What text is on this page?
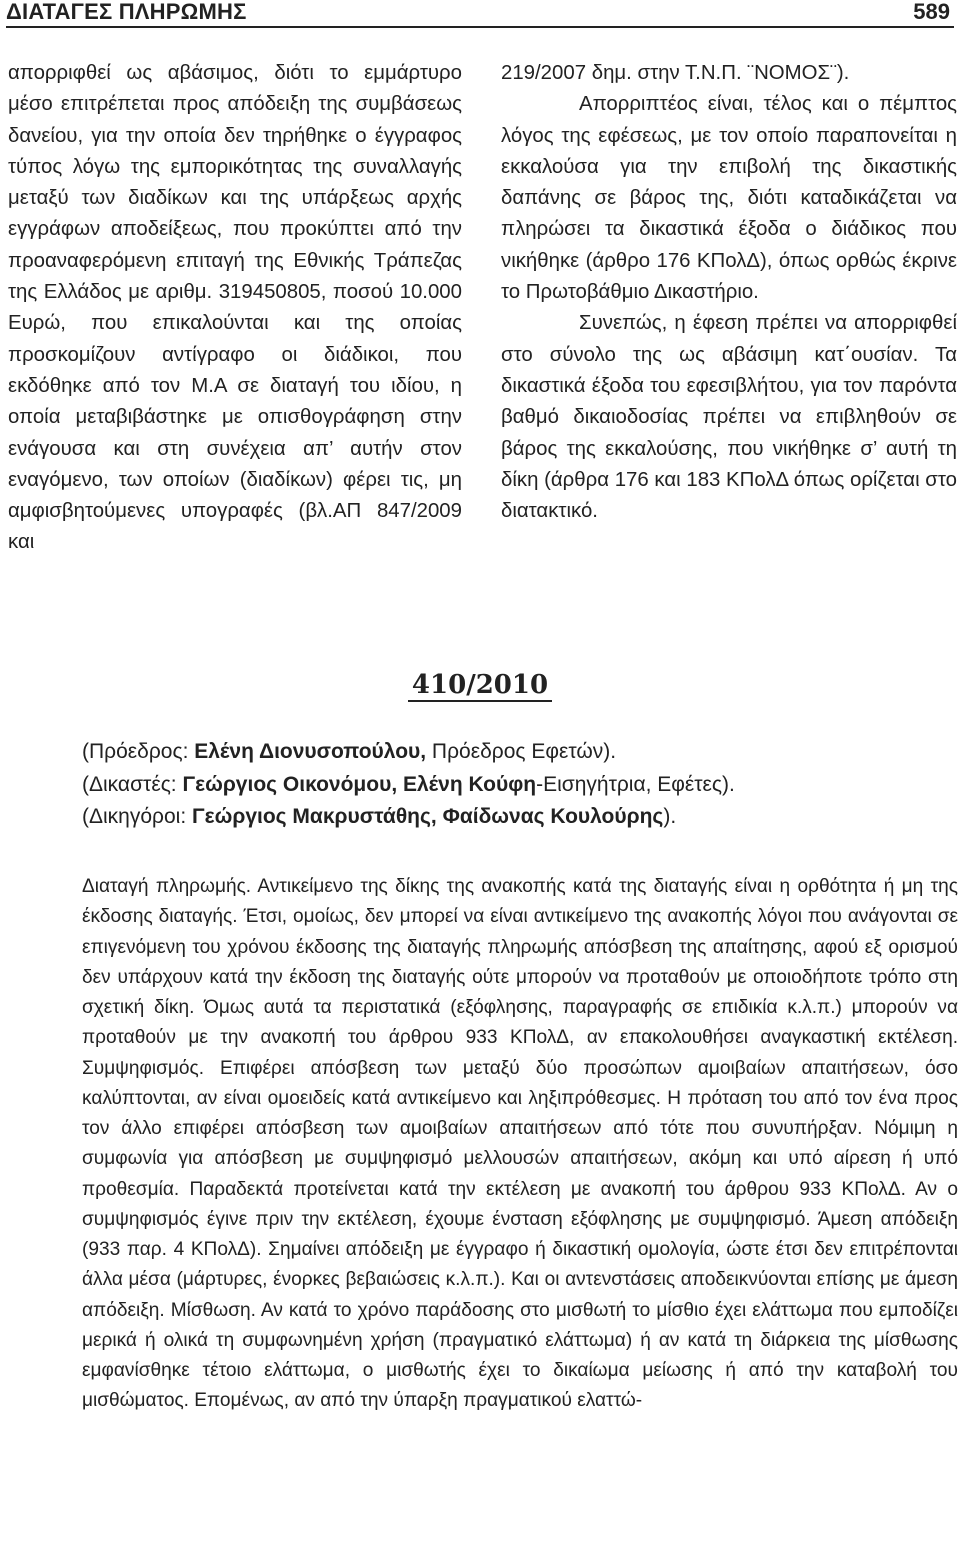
ΔΙΑΤΑΓΕΣ ΠΛΗΡΩΜΗΣ	589

απορριφθεί ως αβάσιμος, διότι το εμμάρτυρο μέσο επιτρέπεται προς απόδειξη της συμβάσεως δανείου, για την οποία δεν τηρήθηκε ο έγγραφος τύπος λόγω της εμπορικότητας της συναλλαγής μεταξύ των διαδίκων και της υπάρξεως αρχής εγγράφων αποδείξεως, που προκύπτει από την προαναφερόμενη επιταγή της Εθνικής Τράπεζας της Ελλάδος με αριθμ. 319450805, ποσού 10.000 Ευρώ, που επικαλούνται και της οποίας προσκομίζουν αντίγραφο οι διάδικοι, που εκδόθηκε από τον Μ.Α σε διαταγή του ιδίου, η οποία μεταβιβάστηκε με οπισθογράφηση στην ενάγουσα και στη συνέχεια απ’ αυτήν στον εναγόμενο, των οποίων (διαδίκων) φέρει τις, μη αμφισβητούμενες υπογραφές (βλ.ΑΠ 847/2009 και

219/2007 δημ. στην Τ.Ν.Π. ¨ΝΟΜΟΣ¨).

Απορριπτέος είναι, τέλος και ο πέμπτος λόγος της εφέσεως, με τον οποίο παραπονείται η εκκαλούσα για την επιβολή της δικαστικής δαπάνης σε βάρος της, διότι καταδικάζεται να πληρώσει τα δικαστικά έξοδα ο διάδικος που νικήθηκε (άρθρο 176 ΚΠολΔ), όπως ορθώς έκρινε το Πρωτοβάθμιο Δικαστήριο.

Συνεπώς, η έφεση πρέπει να απορριφθεί στο σύνολο της ως αβάσιμη κατ΄ουσίαν. Τα δικαστικά έξοδα του εφεσιβλήτου, για τον παρόντα βαθμό δικαιοδοσίας πρέπει να επιβληθούν σε βάρος της εκκαλούσης, που νικήθηκε σ’ αυτή τη δίκη (άρθρα 176 και 183 ΚΠολΔ όπως ορίζεται στο διατακτικό.

410/2010

(Πρόεδρος: Ελένη Διονυσοπούλου, Πρόεδρος Εφετών).

(Δικαστές: Γεώργιος Οικονόμου, Ελένη Κούφη-Εισηγήτρια, Εφέτες).

(Δικηγόροι: Γεώργιος Μακρυστάθης, Φαίδωνας Κουλούρης).

Διαταγή πληρωμής. Αντικείμενο της δίκης της ανακοπής κατά της διαταγής είναι η ορθότητα ή μη της έκδοσης διαταγής. Έτσι, ομοίως, δεν μπορεί να είναι αντικείμενο της ανακοπής λόγοι που ανάγονται σε επιγενόμενη του χρόνου έκδοσης της διαταγής πληρωμής απόσβεση της απαίτησης, αφού εξ ορισμού δεν υπάρχουν κατά την έκδοση της διαταγής ούτε μπορούν να προταθούν με οποιοδήποτε τρόπο στη σχετική δίκη. Όμως αυτά τα περιστατικά (εξόφλησης, παραγραφής σε επιδικία κ.λ.π.) μπορούν να προταθούν με την ανακοπή του άρθρου 933 ΚΠολΔ, αν επακολουθήσει αναγκαστική εκτέλεση. Συμψηφισμός. Επιφέρει απόσβεση των μεταξύ δύο προσώπων αμοιβαίων απαιτήσεων, όσο καλύπτονται, αν είναι ομοειδείς κατά αντικείμενο και ληξιπρόθεσμες. Η πρόταση του από τον ένα προς τον άλλο επιφέρει απόσβεση των αμοιβαίων απαιτήσεων από τότε που συνυπήρξαν. Νόμιμη η συμφωνία για απόσβεση με συμψηφισμό μελλουσών απαιτήσεων, ακόμη και υπό αίρεση ή υπό προθεσμία. Παραδεκτά προτείνεται κατά την εκτέλεση με ανακοπή του άρθρου 933 ΚΠολΔ. Αν ο συμψηφισμός έγινε πριν την εκτέλεση, έχουμε ένσταση εξόφλησης με συμψηφισμό. Άμεση απόδειξη (933 παρ. 4 ΚΠολΔ). Σημαίνει απόδειξη με έγγραφο ή δικαστική ομολογία, ώστε έτσι δεν επιτρέπονται άλλα μέσα (μάρτυρες, ένορκες βεβαιώσεις κ.λ.π.). Και οι αντενστάσεις αποδεικνύονται επίσης με άμεση απόδειξη. Μίσθωση. Αν κατά το χρόνο παράδοσης στο μισθωτή το μίσθιο έχει ελάττωμα που εμποδίζει μερικά ή ολικά τη συμφωνημένη χρήση (πραγματικό ελάττωμα) ή αν κατά τη διάρκεια της μίσθωσης εμφανίσθηκε τέτοιο ελάττωμα, ο μισθωτής έχει το δικαίωμα μείωσης ή από την καταβολή του μισθώματος. Επομένως, αν από την ύπαρξη πραγματικού ελαττώ-
